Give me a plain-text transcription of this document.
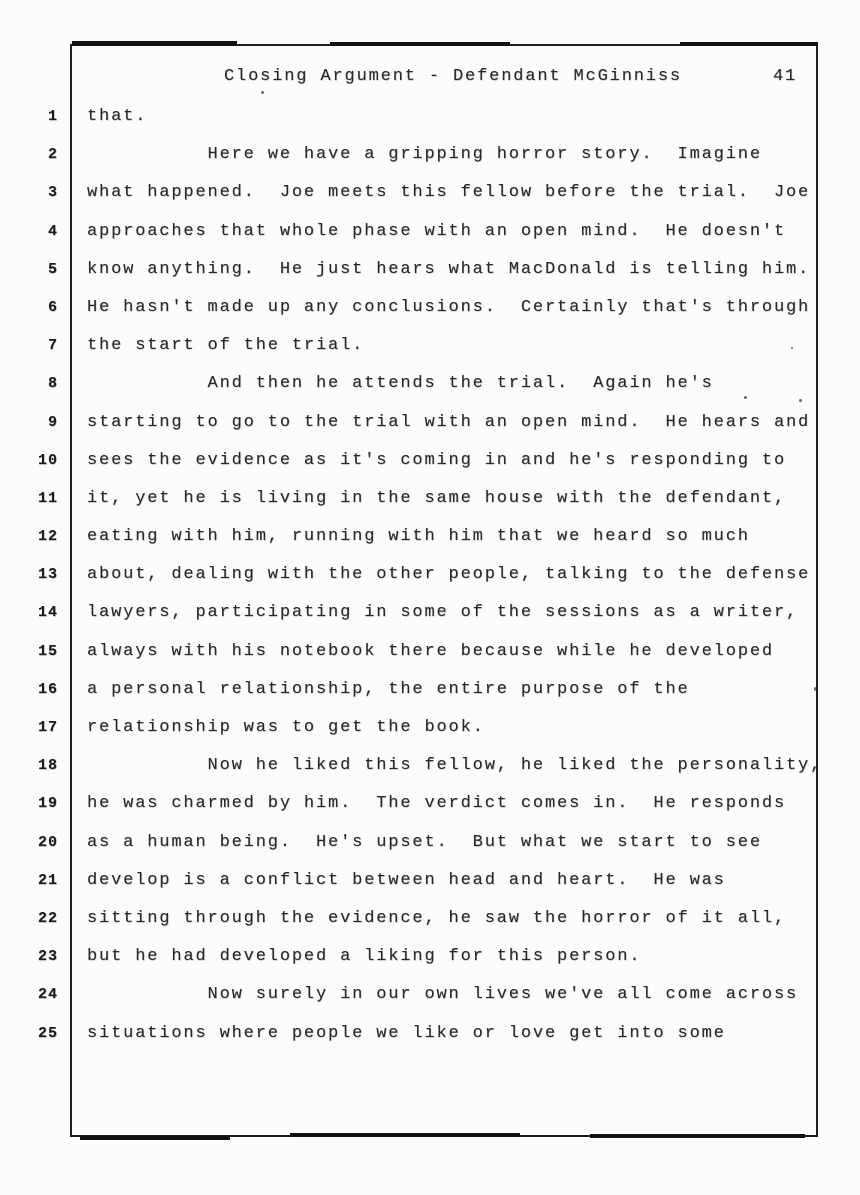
Closing Argument - Defendant McGinniss	41
1
2
3
4
5
6
7
8
9
10
11
12
13
14
15
16
17
18
19
20
21
22
23
24
25
that.
Here we have a gripping horror story.  Imagine
what happened.  Joe meets this fellow before the trial.  Joe
approaches that whole phase with an open mind.  He doesn't
know anything.  He just hears what MacDonald is telling him.
He hasn't made up any conclusions.  Certainly that's through
the start of the trial.
And then he attends the trial.  Again he's
starting to go to the trial with an open mind.  He hears and
sees the evidence as it's coming in and he's responding to
it, yet he is living in the same house with the defendant,
eating with him, running with him that we heard so much
about, dealing with the other people, talking to the defense
lawyers, participating in some of the sessions as a writer,
always with his notebook there because while he developed
a personal relationship, the entire purpose of the
relationship was to get the book.
Now he liked this fellow, he liked the personality,
he was charmed by him.  The verdict comes in.  He responds
as a human being.  He's upset.  But what we start to see
develop is a conflict between head and heart.  He was
sitting through the evidence, he saw the horror of it all,
but he had developed a liking for this person.
Now surely in our own lives we've all come across
situations where people we like or love get into some
